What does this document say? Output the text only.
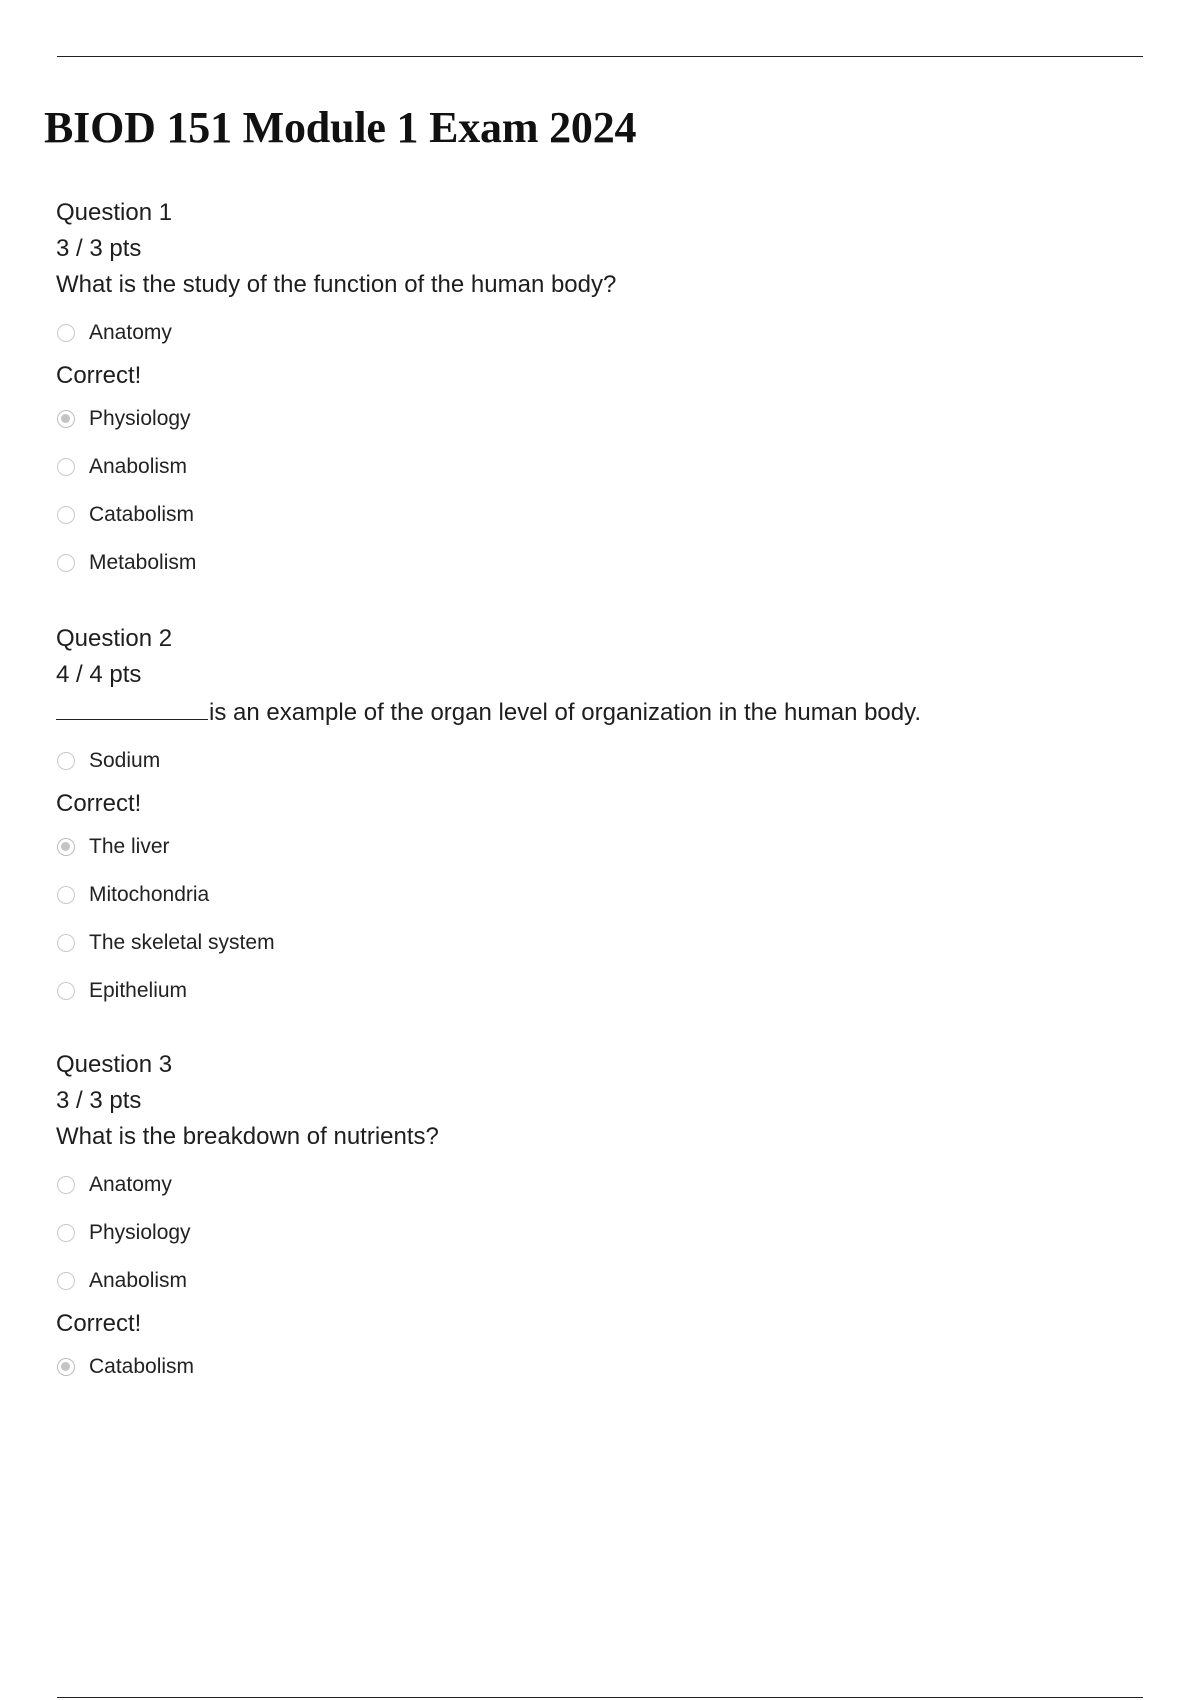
BIOD 151 Module 1 Exam 2024
Question 1
3 / 3 pts
What is the study of the function of the human body?
Anatomy
Correct!
Physiology
Anabolism
Catabolism
Metabolism
Question 2
4 / 4 pts
is an example of the organ level of organization in the human body.
Sodium
Correct!
The liver
Mitochondria
The skeletal system
Epithelium
Question 3
3 / 3 pts
What is the breakdown of nutrients?
Anatomy
Physiology
Anabolism
Correct!
Catabolism
